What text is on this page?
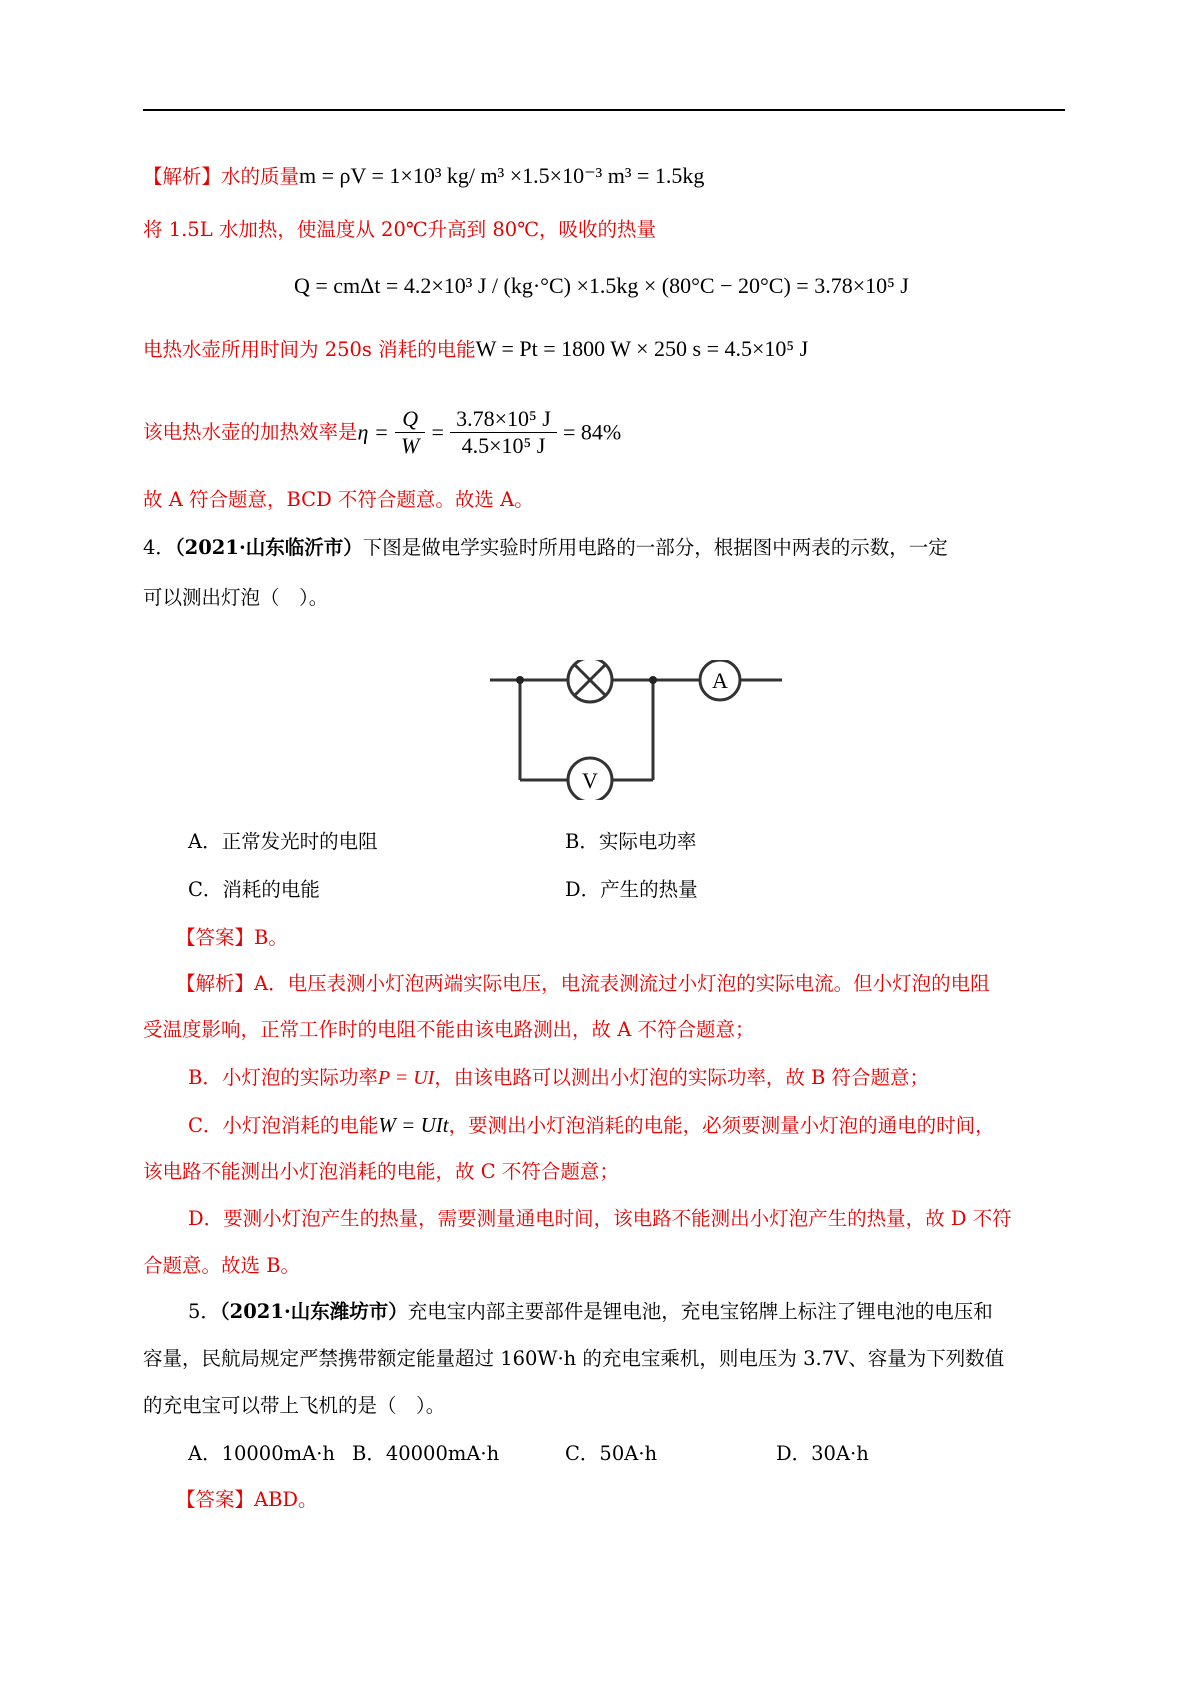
【解析】水的质量m = ρV = 1×10³ kg/ m³ ×1.5×10⁻³ m³ = 1.5kg
将 1.5L 水加热，使温度从 20℃升高到 80℃，吸收的热量
Q = cmΔt = 4.2×10³ J / (kg·°C) ×1.5kg × (80°C − 20°C) = 3.78×10⁵ J
电热水壶所用时间为 250s 消耗的电能W = Pt = 1800 W × 250 s = 4.5×10⁵ J
该电热水壶的加热效率是$\eta = \frac{Q}{W} = \frac{\text{3.78×10⁵ J}}{\text{4.5×10⁵ J}} = 84\%$
故 A 符合题意，BCD 不符合题意。故选 A。
4．（2021·山东临沂市）下图是做电学实验时所用电路的一部分，根据图中两表的示数，一定
可以测出灯泡（　）。
A
V
A．正常发光时的电阻	B．实际电功率
C．消耗的电能	D．产生的热量
【答案】B。
【解析】A．电压表测小灯泡两端实际电压，电流表测流过小灯泡的实际电流。但小灯泡的电阻
受温度影响，正常工作时的电阻不能由该电路测出，故 A 不符合题意；
B．小灯泡的实际功率P = UI，由该电路可以测出小灯泡的实际功率，故 B 符合题意；
C．小灯泡消耗的电能W = UIt，要测出小灯泡消耗的电能，必须要测量小灯泡的通电的时间，
该电路不能测出小灯泡消耗的电能，故 C 不符合题意；
D．要测小灯泡产生的热量，需要测量通电时间，该电路不能测出小灯泡产生的热量，故 D 不符
合题意。故选 B。
5．（2021·山东潍坊市）充电宝内部主要部件是锂电池，充电宝铭牌上标注了锂电池的电压和
容量，民航局规定严禁携带额定能量超过 160W·h 的充电宝乘机，则电压为 3.7V、容量为下列数值
的充电宝可以带上飞机的是（　）。
A．10000mA·h B．40000mA·h	C．50A·h	D．30A·h
【答案】ABD。
